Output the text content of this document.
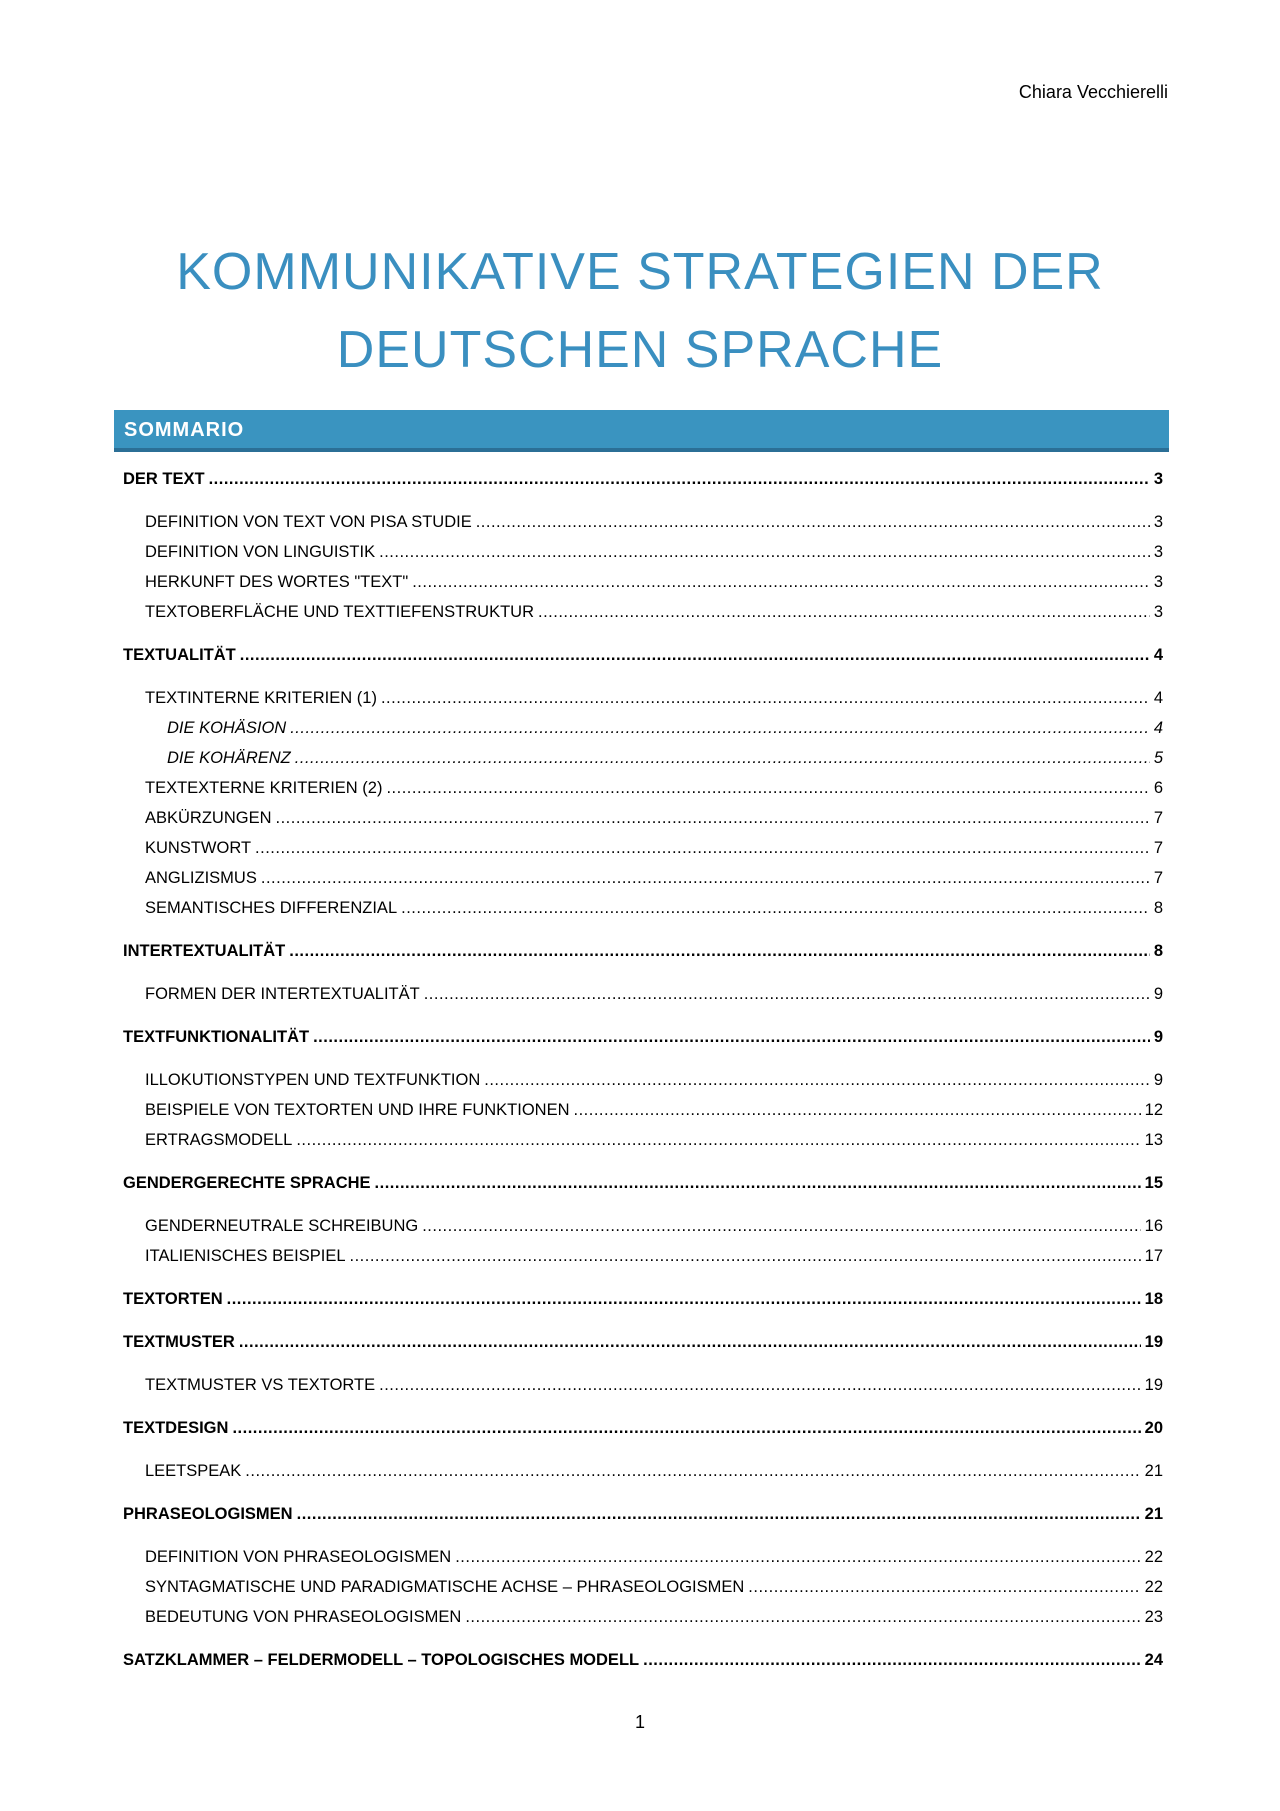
Chiara Vecchierelli
KOMMUNIKATIVE STRATEGIEN DER
DEUTSCHEN SPRACHE
SOMMARIO
DER TEXT .....	3
DEFINITION VON TEXT VON PISA STUDIE .....	3
DEFINITION VON LINGUISTIK .....	3
HERKUNFT DES WORTES "TEXT" .....	3
TEXTOBERFLÄCHE UND TEXTTIEFENSTRUKTUR .....	3
TEXTUALITÄT .....	4
TEXTINTERNE KRITERIEN (1) .....	4
DIE KOHÄSION .....	4
DIE KOHÄRENZ .....	5
TEXTEXTERNE KRITERIEN (2) .....	6
ABKÜRZUNGEN .....	7
KUNSTWORT .....	7
ANGLIZISMUS .....	7
SEMANTISCHES DIFFERENZIAL .....	8
INTERTEXTUALITÄT .....	8
FORMEN DER INTERTEXTUALITÄT .....	9
TEXTFUNKTIONALITÄT .....	9
ILLOKUTIONSTYPEN UND TEXTFUNKTION .....	9
BEISPIELE VON TEXTORTEN UND IHRE FUNKTIONEN .....	12
ERTRAGSMODELL .....	13
GENDERGERECHTE SPRACHE .....	15
GENDERNEUTRALE SCHREIBUNG .....	16
ITALIENISCHES BEISPIEL .....	17
TEXTORTEN .....	18
TEXTMUSTER .....	19
TEXTMUSTER VS TEXTORTE .....	19
TEXTDESIGN .....	20
LEETSPEAK .....	21
PHRASEOLOGISMEN .....	21
DEFINITION VON PHRASEOLOGISMEN .....	22
SYNTAGMATISCHE UND PARADIGMATISCHE ACHSE – PHRASEOLOGISMEN .....	22
BEDEUTUNG VON PHRASEOLOGISMEN .....	23
SATZKLAMMER – FELDERMODELL – TOPOLOGISCHES MODELL .....	24
1
